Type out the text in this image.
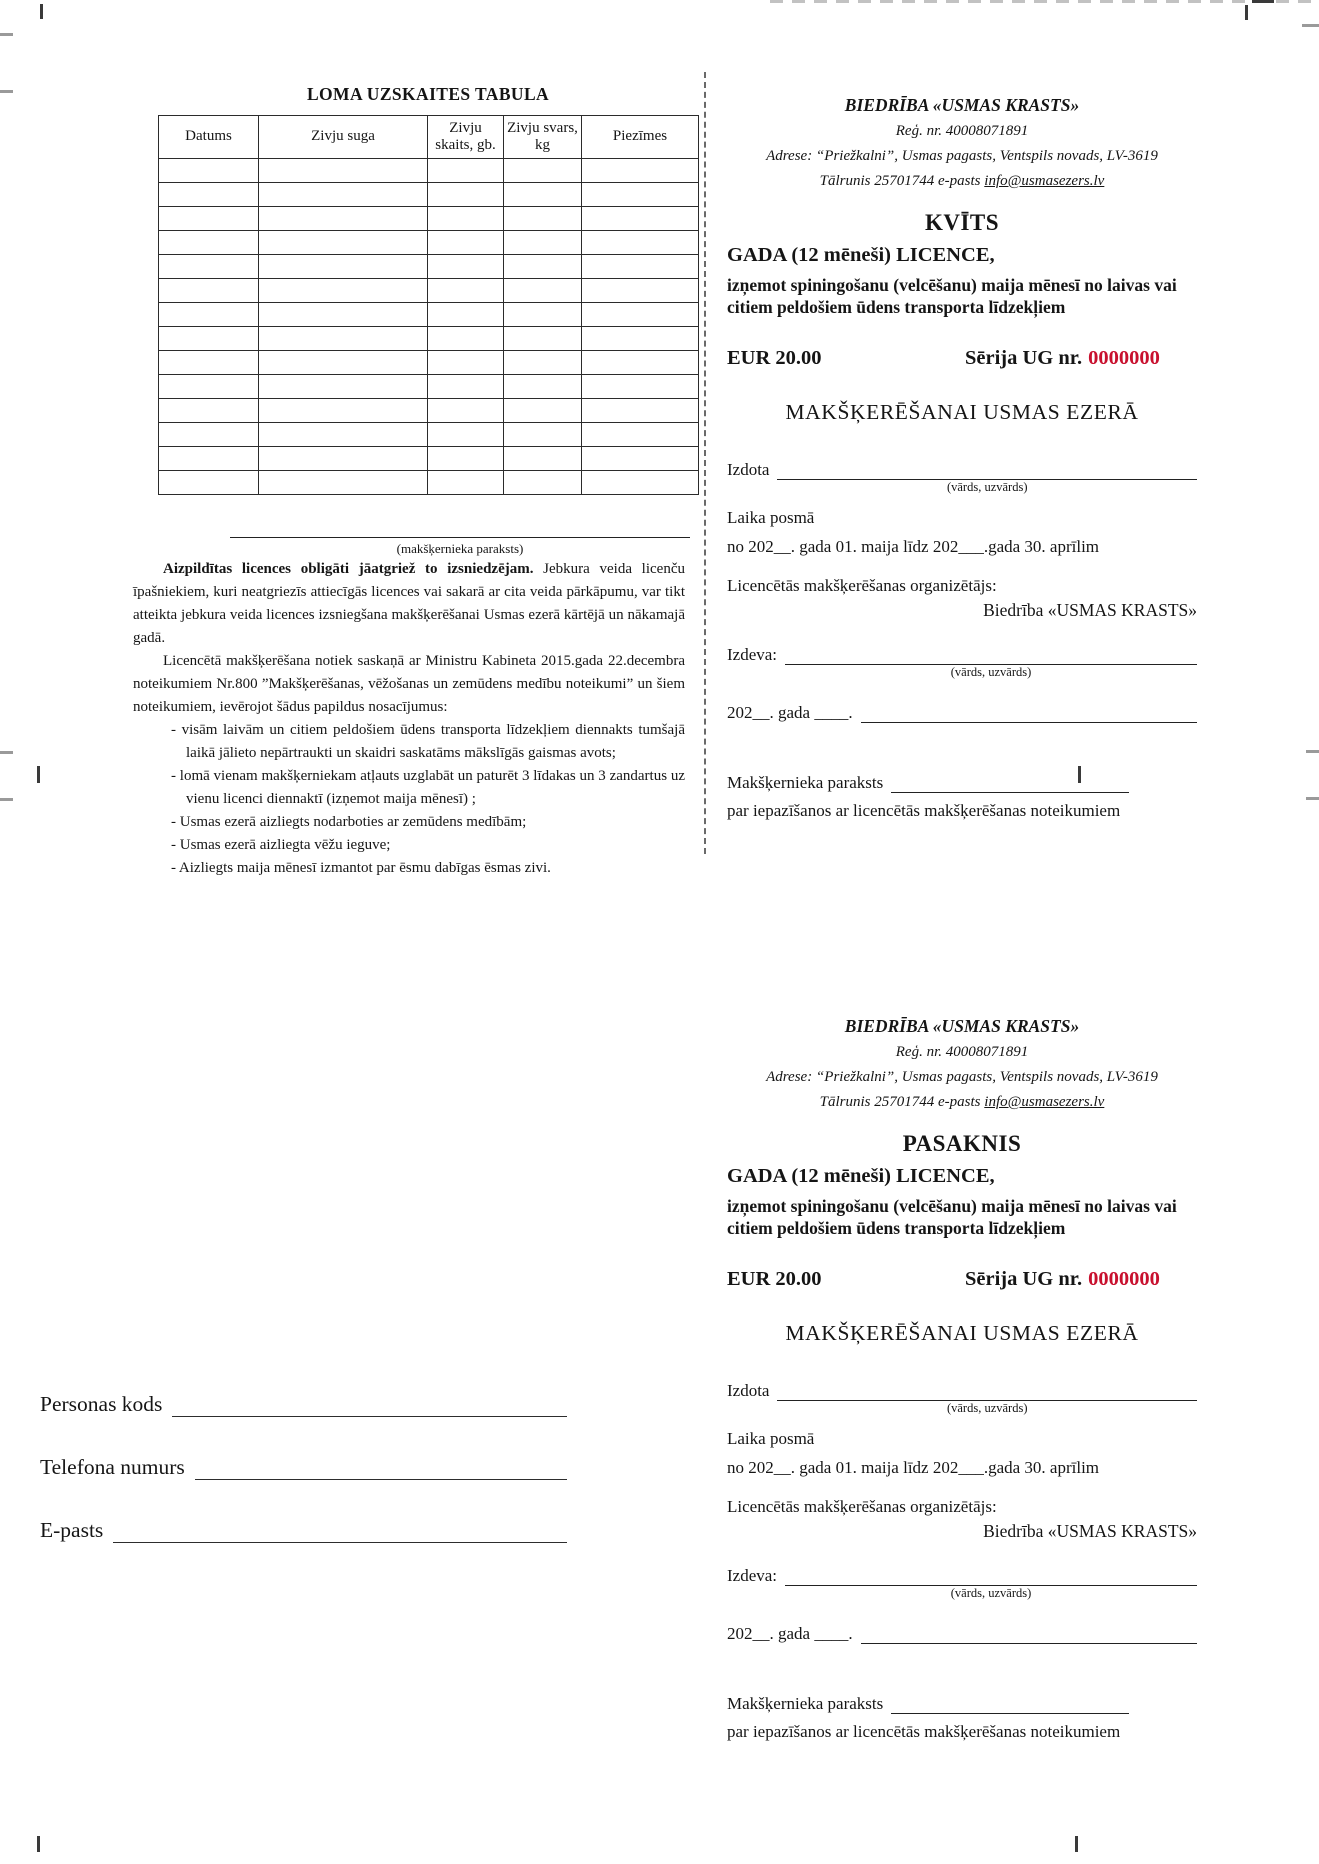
LOMA UZSKAITES TABULA
Datums	Zivju suga	Zivju skaits, gb.	Zivju svars, kg	Piezīmes

(makšķernieka paraksts)

Aizpildītas licences obligāti jāatgriež to izsniedzējam. Jebkura veida licenču īpašniekiem, kuri neatgriezīs attiecīgās licences vai sakarā ar cita veida pārkāpumu, var tikt atteikta jebkura veida licences izsniegšana makšķerēšanai Usmas ezerā kārtējā un nākamajā gadā.

Licencētā makšķerēšana notiek saskaņā ar Ministru Kabineta 2015.gada 22.decembra noteikumiem Nr.800 ”Makšķerēšanas, vēžošanas un zemūdens medību noteikumi” un šiem noteikumiem, ievērojot šādus papildus nosacījumus:

- visām laivām un citiem peldošiem ūdens transporta līdzekļiem diennakts tumšajā laikā jālieto nepārtraukti un skaidri saskatāms mākslīgās gaismas avots;
- lomā vienam makšķerniekam atļauts uzglabāt un paturēt 3 līdakas un 3 zandartus uz vienu licenci diennaktī (izņemot maija mēnesī) ;
- Usmas ezerā aizliegts nodarboties ar zemūdens medībām;
- Usmas ezerā aizliegta vēžu ieguve;
- Aizliegts maija mēnesī izmantot par ēsmu dabīgas ēsmas zivi.
BIEDRĪBA «USMAS KRASTS»
Reģ. nr. 40008071891
Adrese: “Priežkalni”, Usmas pagasts, Ventspils novads, LV-3619
Tālrunis 25701744 e-pasts info@usmasezers.lv
KVĪTS
GADA (12 mēneši) LICENCE,
izņemot spiningošanu (velcēšanu) maija mēnesī no laivas vai
citiem peldošiem ūdens transporta līdzekļiem
EUR 20.00	Sērija UG nr. 0000000
MAKŠĶERĒŠANAI USMAS EZERĀ
Izdota
(vārds, uzvārds)
Laika posmā
no 202__. gada 01. maija līdz 202___.gada 30. aprīlim
Licencētās makšķerēšanas organizētājs:
Biedrība «USMAS KRASTS»
Izdeva:
(vārds, uzvārds)
202__. gada ____.
Makšķernieka paraksts
par iepazīšanos ar licencētās makšķerēšanas noteikumiem
BIEDRĪBA «USMAS KRASTS»
Reģ. nr. 40008071891
Adrese: “Priežkalni”, Usmas pagasts, Ventspils novads, LV-3619
Tālrunis 25701744 e-pasts info@usmasezers.lv
PASAKNIS
GADA (12 mēneši) LICENCE,
izņemot spiningošanu (velcēšanu) maija mēnesī no laivas vai
citiem peldošiem ūdens transporta līdzekļiem
EUR 20.00	Sērija UG nr. 0000000
MAKŠĶERĒŠANAI USMAS EZERĀ
Izdota
(vārds, uzvārds)
Laika posmā
no 202__. gada 01. maija līdz 202___.gada 30. aprīlim
Licencētās makšķerēšanas organizētājs:
Biedrība «USMAS KRASTS»
Izdeva:
(vārds, uzvārds)
202__. gada ____.
Makšķernieka paraksts
par iepazīšanos ar licencētās makšķerēšanas noteikumiem
Personas kods
Telefona numurs
E-pasts
